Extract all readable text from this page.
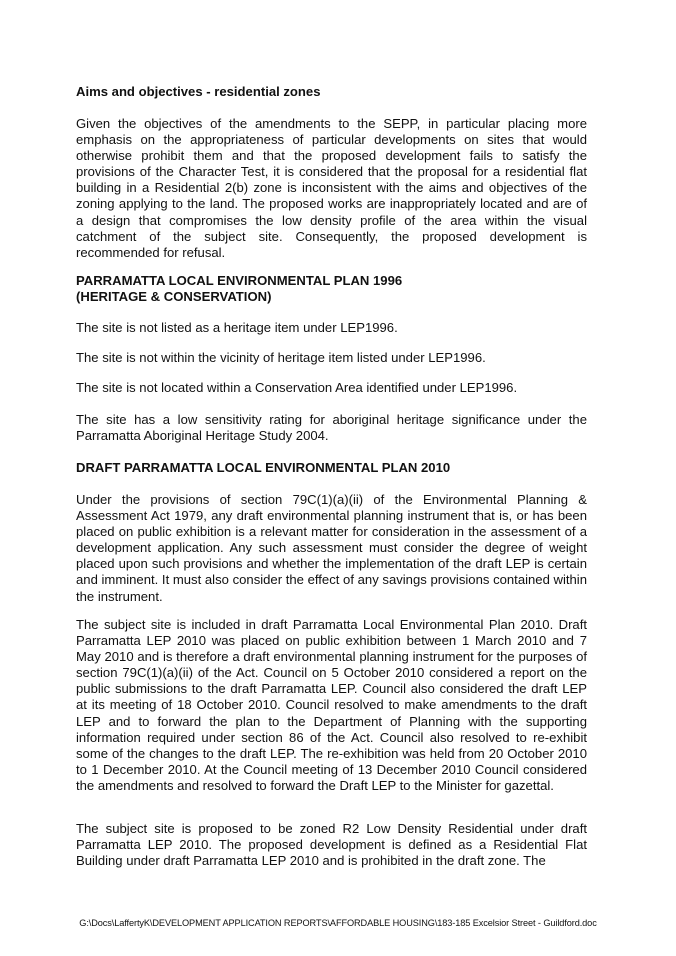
Aims and objectives - residential zones
Given the objectives of the amendments to the SEPP, in particular placing more emphasis on the appropriateness of particular developments on sites that would otherwise prohibit them and that the proposed development fails to satisfy the provisions of the Character Test, it is considered that the proposal for a residential flat building in a Residential 2(b) zone is inconsistent with the aims and objectives of the zoning applying to the land. The proposed works are inappropriately located and are of a design that compromises the low density profile of the area within the visual catchment of the subject site. Consequently, the proposed development is recommended for refusal.
PARRAMATTA LOCAL ENVIRONMENTAL PLAN 1996
(HERITAGE & CONSERVATION)
The site is not listed as a heritage item under LEP1996.
The site is not within the vicinity of heritage item listed under LEP1996.
The site is not located within a Conservation Area identified under LEP1996.
The site has a low sensitivity rating for aboriginal heritage significance under the Parramatta Aboriginal Heritage Study 2004.
DRAFT PARRAMATTA LOCAL ENVIRONMENTAL PLAN 2010
Under the provisions of section 79C(1)(a)(ii) of the Environmental Planning & Assessment Act 1979, any draft environmental planning instrument that is, or has been placed on public exhibition is a relevant matter for consideration in the assessment of a development application. Any such assessment must consider the degree of weight placed upon such provisions and whether the implementation of the draft LEP is certain and imminent. It must also consider the effect of any savings provisions contained within the instrument.
The subject site is included in draft Parramatta Local Environmental Plan 2010. Draft Parramatta LEP 2010 was placed on public exhibition between 1 March 2010 and 7 May 2010 and is therefore a draft environmental planning instrument for the purposes of section 79C(1)(a)(ii) of the Act. Council on 5 October 2010 considered a report on the public submissions to the draft Parramatta LEP. Council also considered the draft LEP at its meeting of 18 October 2010. Council resolved to make amendments to the draft LEP and to forward the plan to the Department of Planning with the supporting information required under section 86 of the Act. Council also resolved to re-exhibit some of the changes to the draft LEP. The re-exhibition was held from 20 October 2010 to 1 December 2010. At the Council meeting of 13 December 2010 Council considered the amendments and resolved to forward the Draft LEP to the Minister for gazettal.
The subject site is proposed to be zoned R2 Low Density Residential under draft Parramatta LEP 2010. The proposed development is defined as a Residential Flat Building under draft Parramatta LEP 2010 and is prohibited in the draft zone. The
G:\Docs\LaffertyK\DEVELOPMENT APPLICATION REPORTS\AFFORDABLE HOUSING\183-185 Excelsior Street - Guildford.doc
